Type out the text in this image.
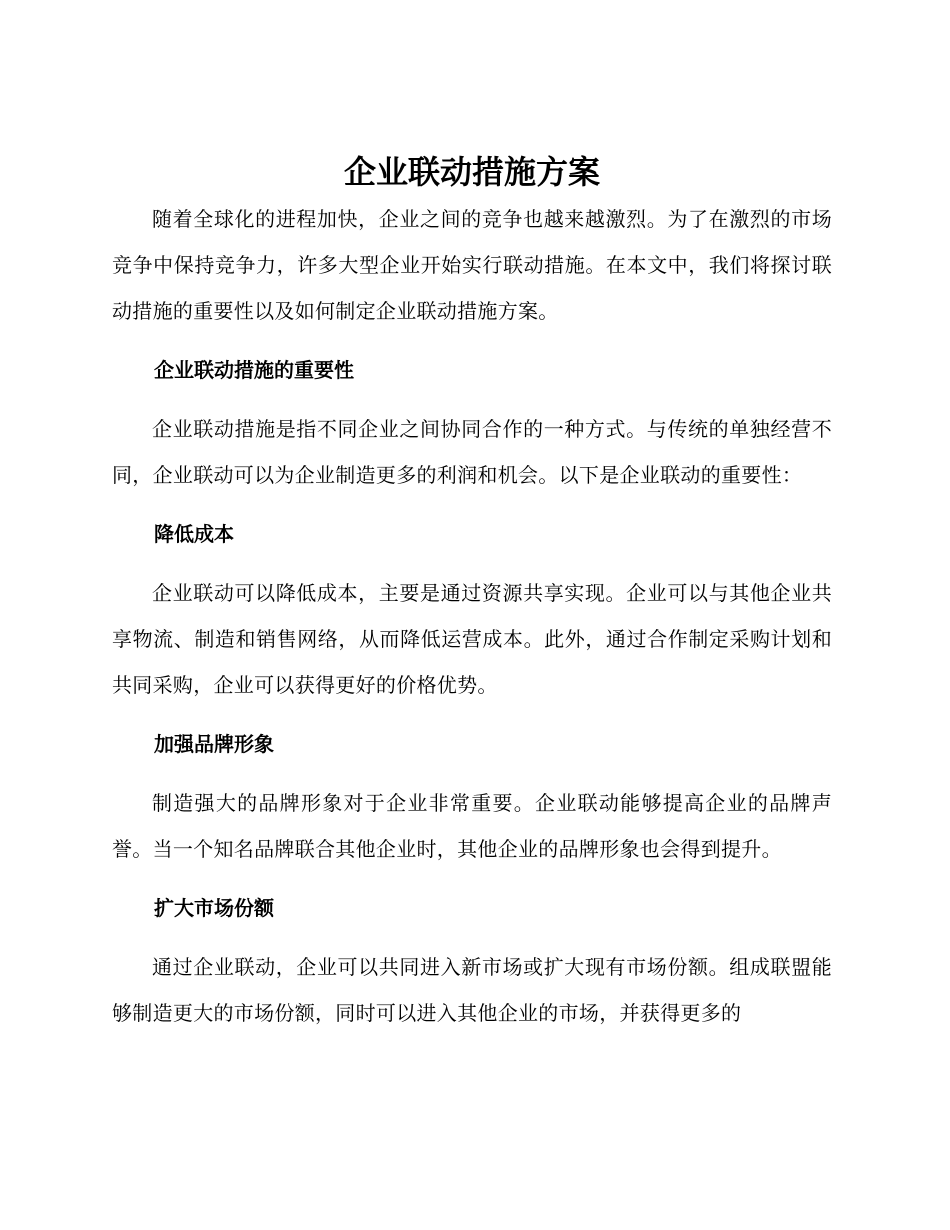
企业联动措施方案

随着全球化的进程加快，企业之间的竞争也越来越激烈。为了在激烈的市场竞争中保持竞争力，许多大型企业开始实行联动措施。在本文中，我们将探讨联动措施的重要性以及如何制定企业联动措施方案。

企业联动措施的重要性

企业联动措施是指不同企业之间协同合作的一种方式。与传统的单独经营不同，企业联动可以为企业制造更多的利润和机会。以下是企业联动的重要性：

降低成本

企业联动可以降低成本，主要是通过资源共享实现。企业可以与其他企业共享物流、制造和销售网络，从而降低运营成本。此外，通过合作制定采购计划和共同采购，企业可以获得更好的价格优势。

加强品牌形象

制造强大的品牌形象对于企业非常重要。企业联动能够提高企业的品牌声誉。当一个知名品牌联合其他企业时，其他企业的品牌形象也会得到提升。

扩大市场份额

通过企业联动，企业可以共同进入新市场或扩大现有市场份额。组成联盟能够制造更大的市场份额，同时可以进入其他企业的市场，并获得更多的
